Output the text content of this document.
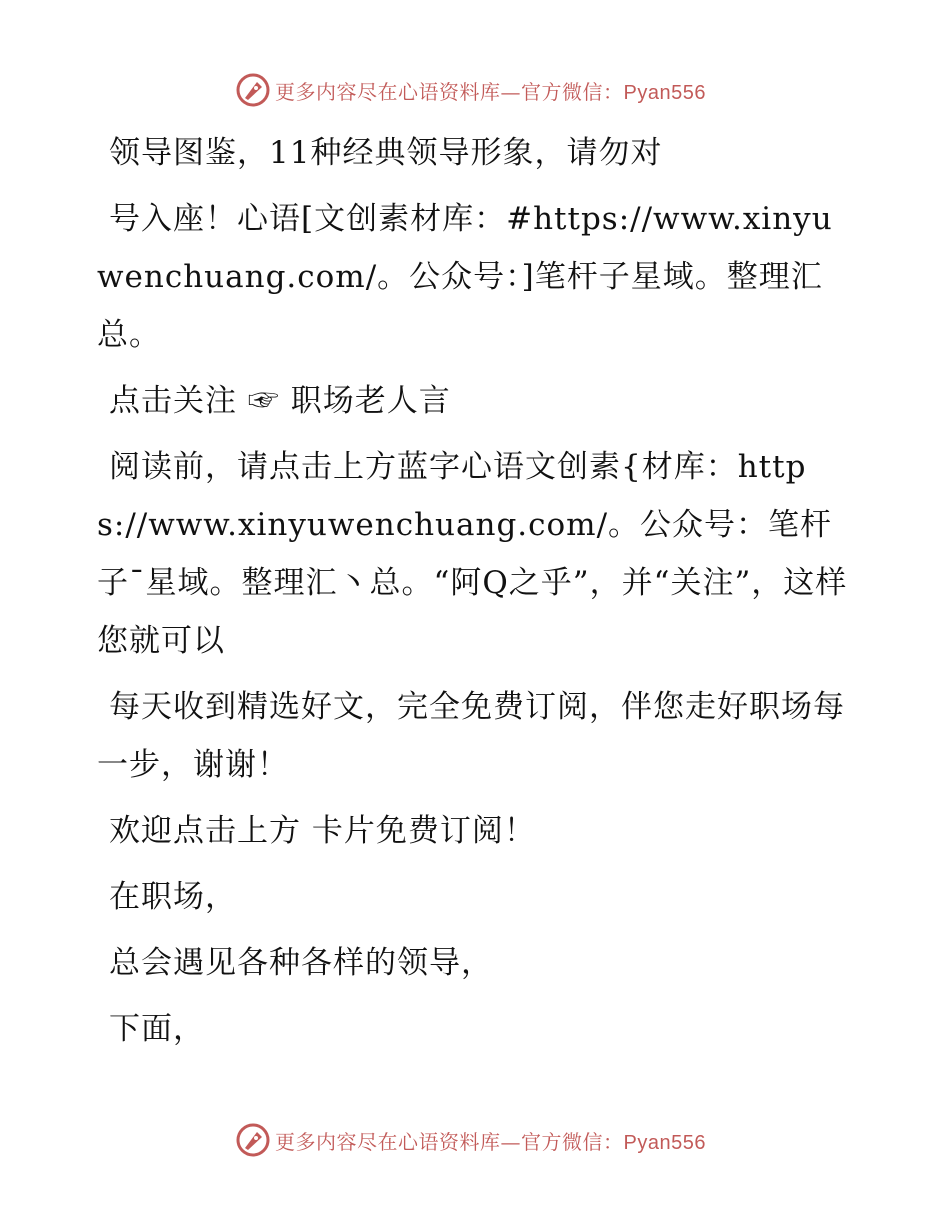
更多内容尽在心语资料库—官方微信：Pyan556

领导图鉴，11种经典领导形象，请勿对

号入座！心语[文创素材库：#https://www.xinyuwenchuang.com/。公众号：]笔杆子星域。整理汇总。

点击关注 ☞ 职场老人言

阅读前，请点击上方蓝字心语文创素{材库：https://www.xinyuwenchuang.com/。公众号：笔杆子¯星域。整理汇丶总。“阿Q之乎”，并“关注”，这样您就可以

每天收到精选好文，完全免费订阅，伴您走好职场每一步，谢谢！

欢迎点击上方 卡片免费订阅！

在职场，

总会遇见各种各样的领导，

下面，

更多内容尽在心语资料库—官方微信：Pyan556
